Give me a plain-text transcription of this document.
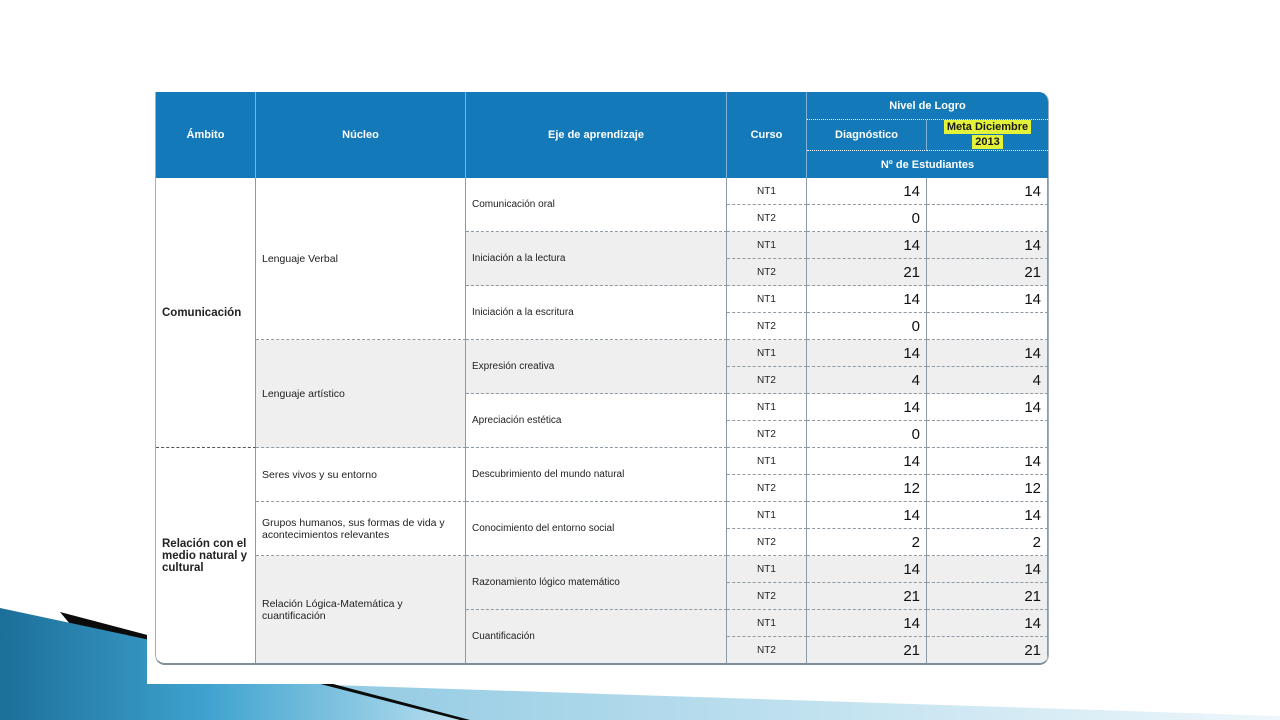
Ámbito	Núcleo	Eje de aprendizaje	Curso	Nivel de Logro	
				Diagnóstico	Meta Diciembre
2013
				Nº de Estudiantes	
Comunicación	Lenguaje Verbal	Comunicación oral	NT1	14	14
			NT2	0	
		Iniciación a la lectura	NT1	14	14
			NT2	21	21
		Iniciación a la escritura	NT1	14	14
			NT2	0	
	Lenguaje artístico	Expresión creativa	NT1	14	14
			NT2	4	4
		Apreciación estética	NT1	14	14
			NT2	0	
Relación con el medio natural y cultural	Seres vivos y su entorno	Descubrimiento del mundo natural	NT1	14	14
			NT2	12	12
	Grupos humanos, sus formas de vida y acontecimientos relevantes	Conocimiento del entorno social	NT1	14	14
			NT2	2	2
	Relación Lógica-Matemática y cuantificación	Razonamiento lógico matemático	NT1	14	14
			NT2	21	21
		Cuantificación	NT1	14	14
			NT2	21	21
